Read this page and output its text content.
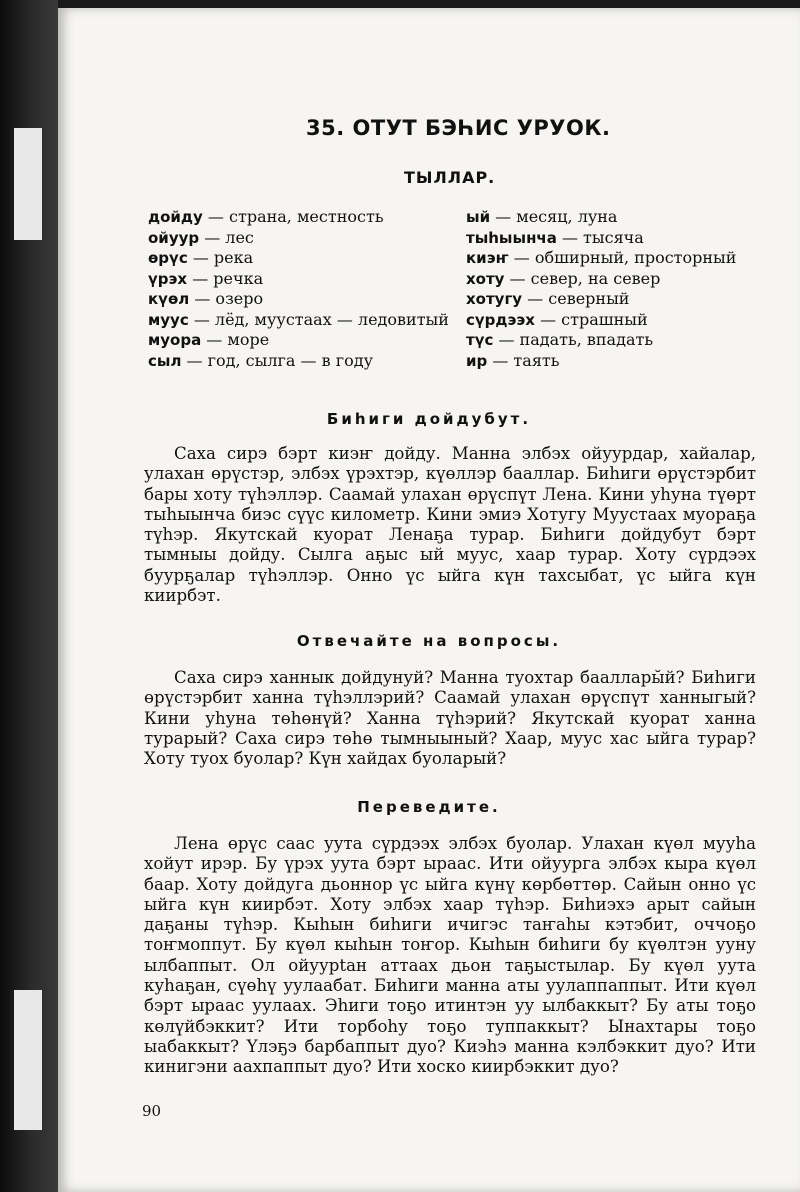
35. ОТУТ БЭҺИС УРУОК.
ТЫЛЛАР.
дойду — страна, местность
ойуур — лес
өрүс — река
үрэх — речка
күөл — озеро
муус — лёд, муустаах — ледовитый
муора — море
сыл — год, сылга — в году
ый — месяц, луна
тыһыынча — тысяча
киэҥ — обширный, просторный
хоту — север, на север
хотугу — северный
сүрдээх — страшный
түс — падать, впадать
ир — таять
Биһиги дойдубут.
Саха сирэ бэрт киэҥ дойду. Манна элбэх ойуурдар, хайалар, улахан өрүстэр, элбэх үрэхтэр, күөллэр бааллар. Биһиги өрүстэрбит бары хоту түһэллэр. Саамай улахан өрүспүт Лена. Кини уһуна түөрт тыһыынча биэс сүүс километр. Кини эмиэ Хотугу Муустаах муораҕа түһэр. Якутскай куорат Ленаҕа турар. Биһиги дойдубут бэрт тымныы дойду. Сылга аҕыс ый муус, хаар турар. Хоту сүрдээх буурҕалар түһэллэр. Онно үс ыйга күн тахсыбат, үс ыйга күн киирбэт.
Отвечайте на вопросы.
Саха сирэ ханнык дойдунуй? Манна туохтар бааллары̆й? Биһиги өрүстэрбит ханна түһэллэрий? Саамай улахан өрүспүт ханныгый? Кини уһуна төһөнүй? Ханна түһэрий? Якутскай куорат ханна турарый? Саха сирэ төһө тымныыный? Хаар, муус хас ыйга турар? Хоту туох буолар? Күн хайдах буоларый?
Переведите.
Лена өрүс саас уута сүрдээх элбэх буолар. Улахан күөл мууһа хойут ирэр. Бу үрэх уута бэрт ыраас. Ити ойуурга элбэх кыра күөл баар. Хоту дойдуга дьоннор үс ыйга күнү көрбөттөр. Сайын онно үс ыйга күн киирбэт. Хоту элбэх хаар түһэр. Биһиэхэ арыт сайын даҕаны түһэр. Кыһын биһиги ичигэс таҥаһы кэтэбит, оччоҕо тоҥмоппут. Бу күөл кыһын тоҥор. Кыһын биһиги бу күөлтэн ууну ылбаппыт. Ол ойуурtан аттаах дьон таҕыстылар. Бу күөл уута куһаҕан, сүөһү уулаабат. Биһиги манна аты уулаппаппыт. Ити күөл бэрт ыраас уулаах. Эһиги тоҕо итинтэн уу ылбаккыт? Бу аты тоҕо көлүйбэккит? Ити торбоһу тоҕо туппаккыт? Ынахтары тоҕо ыабаккыт? Үлэҕэ барбаппыт дуо? Киэһэ манна кэлбэккит дуо? Ити кинигэни аахпаппыт дуо? Ити хоско киирбэккит дуо?
90
